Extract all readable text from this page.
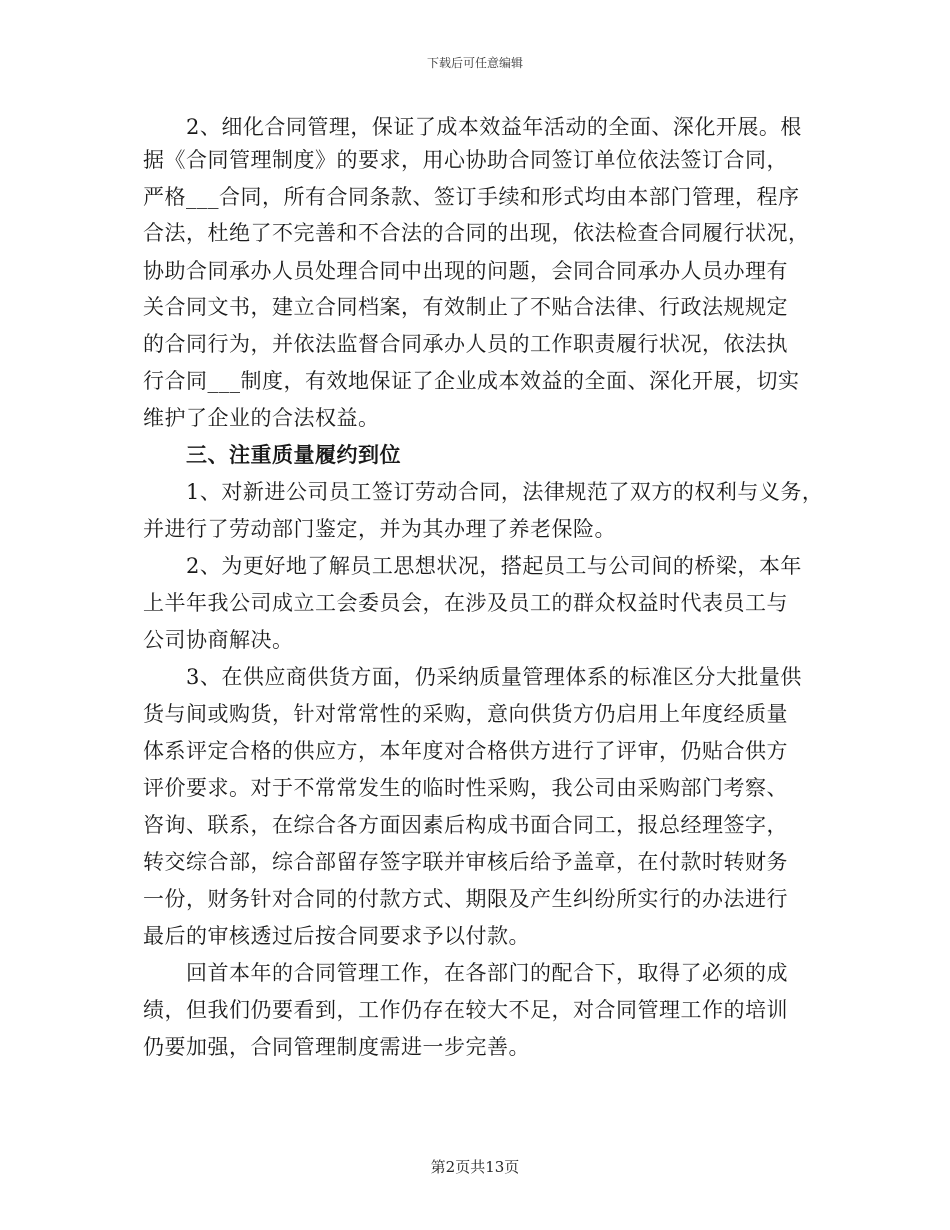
下载后可任意编辑
　　2、细化合同管理，保证了成本效益年活动的全面、深化开展。根
据《合同管理制度》的要求，用心协助合同签订单位依法签订合同，
严格___合同，所有合同条款、签订手续和形式均由本部门管理，程序
合法，杜绝了不完善和不合法的合同的出现，依法检查合同履行状况，
协助合同承办人员处理合同中出现的问题，会同合同承办人员办理有
关合同文书，建立合同档案，有效制止了不贴合法律、行政法规规定
的合同行为，并依法监督合同承办人员的工作职责履行状况，依法执
行合同___制度，有效地保证了企业成本效益的全面、深化开展，切实
维护了企业的合法权益。
　　三、注重质量履约到位
　　1、对新进公司员工签订劳动合同，法律规范了双方的权利与义务，
并进行了劳动部门鉴定，并为其办理了养老保险。
　　2、为更好地了解员工思想状况，搭起员工与公司间的桥梁，本年
上半年我公司成立工会委员会，在涉及员工的群众权益时代表员工与
公司协商解决。
　　3、在供应商供货方面，仍采纳质量管理体系的标准区分大批量供
货与间或购货，针对常常性的采购，意向供货方仍启用上年度经质量
体系评定合格的供应方，本年度对合格供方进行了评审，仍贴合供方
评价要求。对于不常常发生的临时性采购，我公司由采购部门考察、
咨询、联系，在综合各方面因素后构成书面合同工，报总经理签字，
转交综合部，综合部留存签字联并审核后给予盖章，在付款时转财务
一份，财务针对合同的付款方式、期限及产生纠纷所实行的办法进行
最后的审核透过后按合同要求予以付款。
　　回首本年的合同管理工作，在各部门的配合下，取得了必须的成
绩，但我们仍要看到，工作仍存在较大不足，对合同管理工作的培训
仍要加强，合同管理制度需进一步完善。
第2页共13页
